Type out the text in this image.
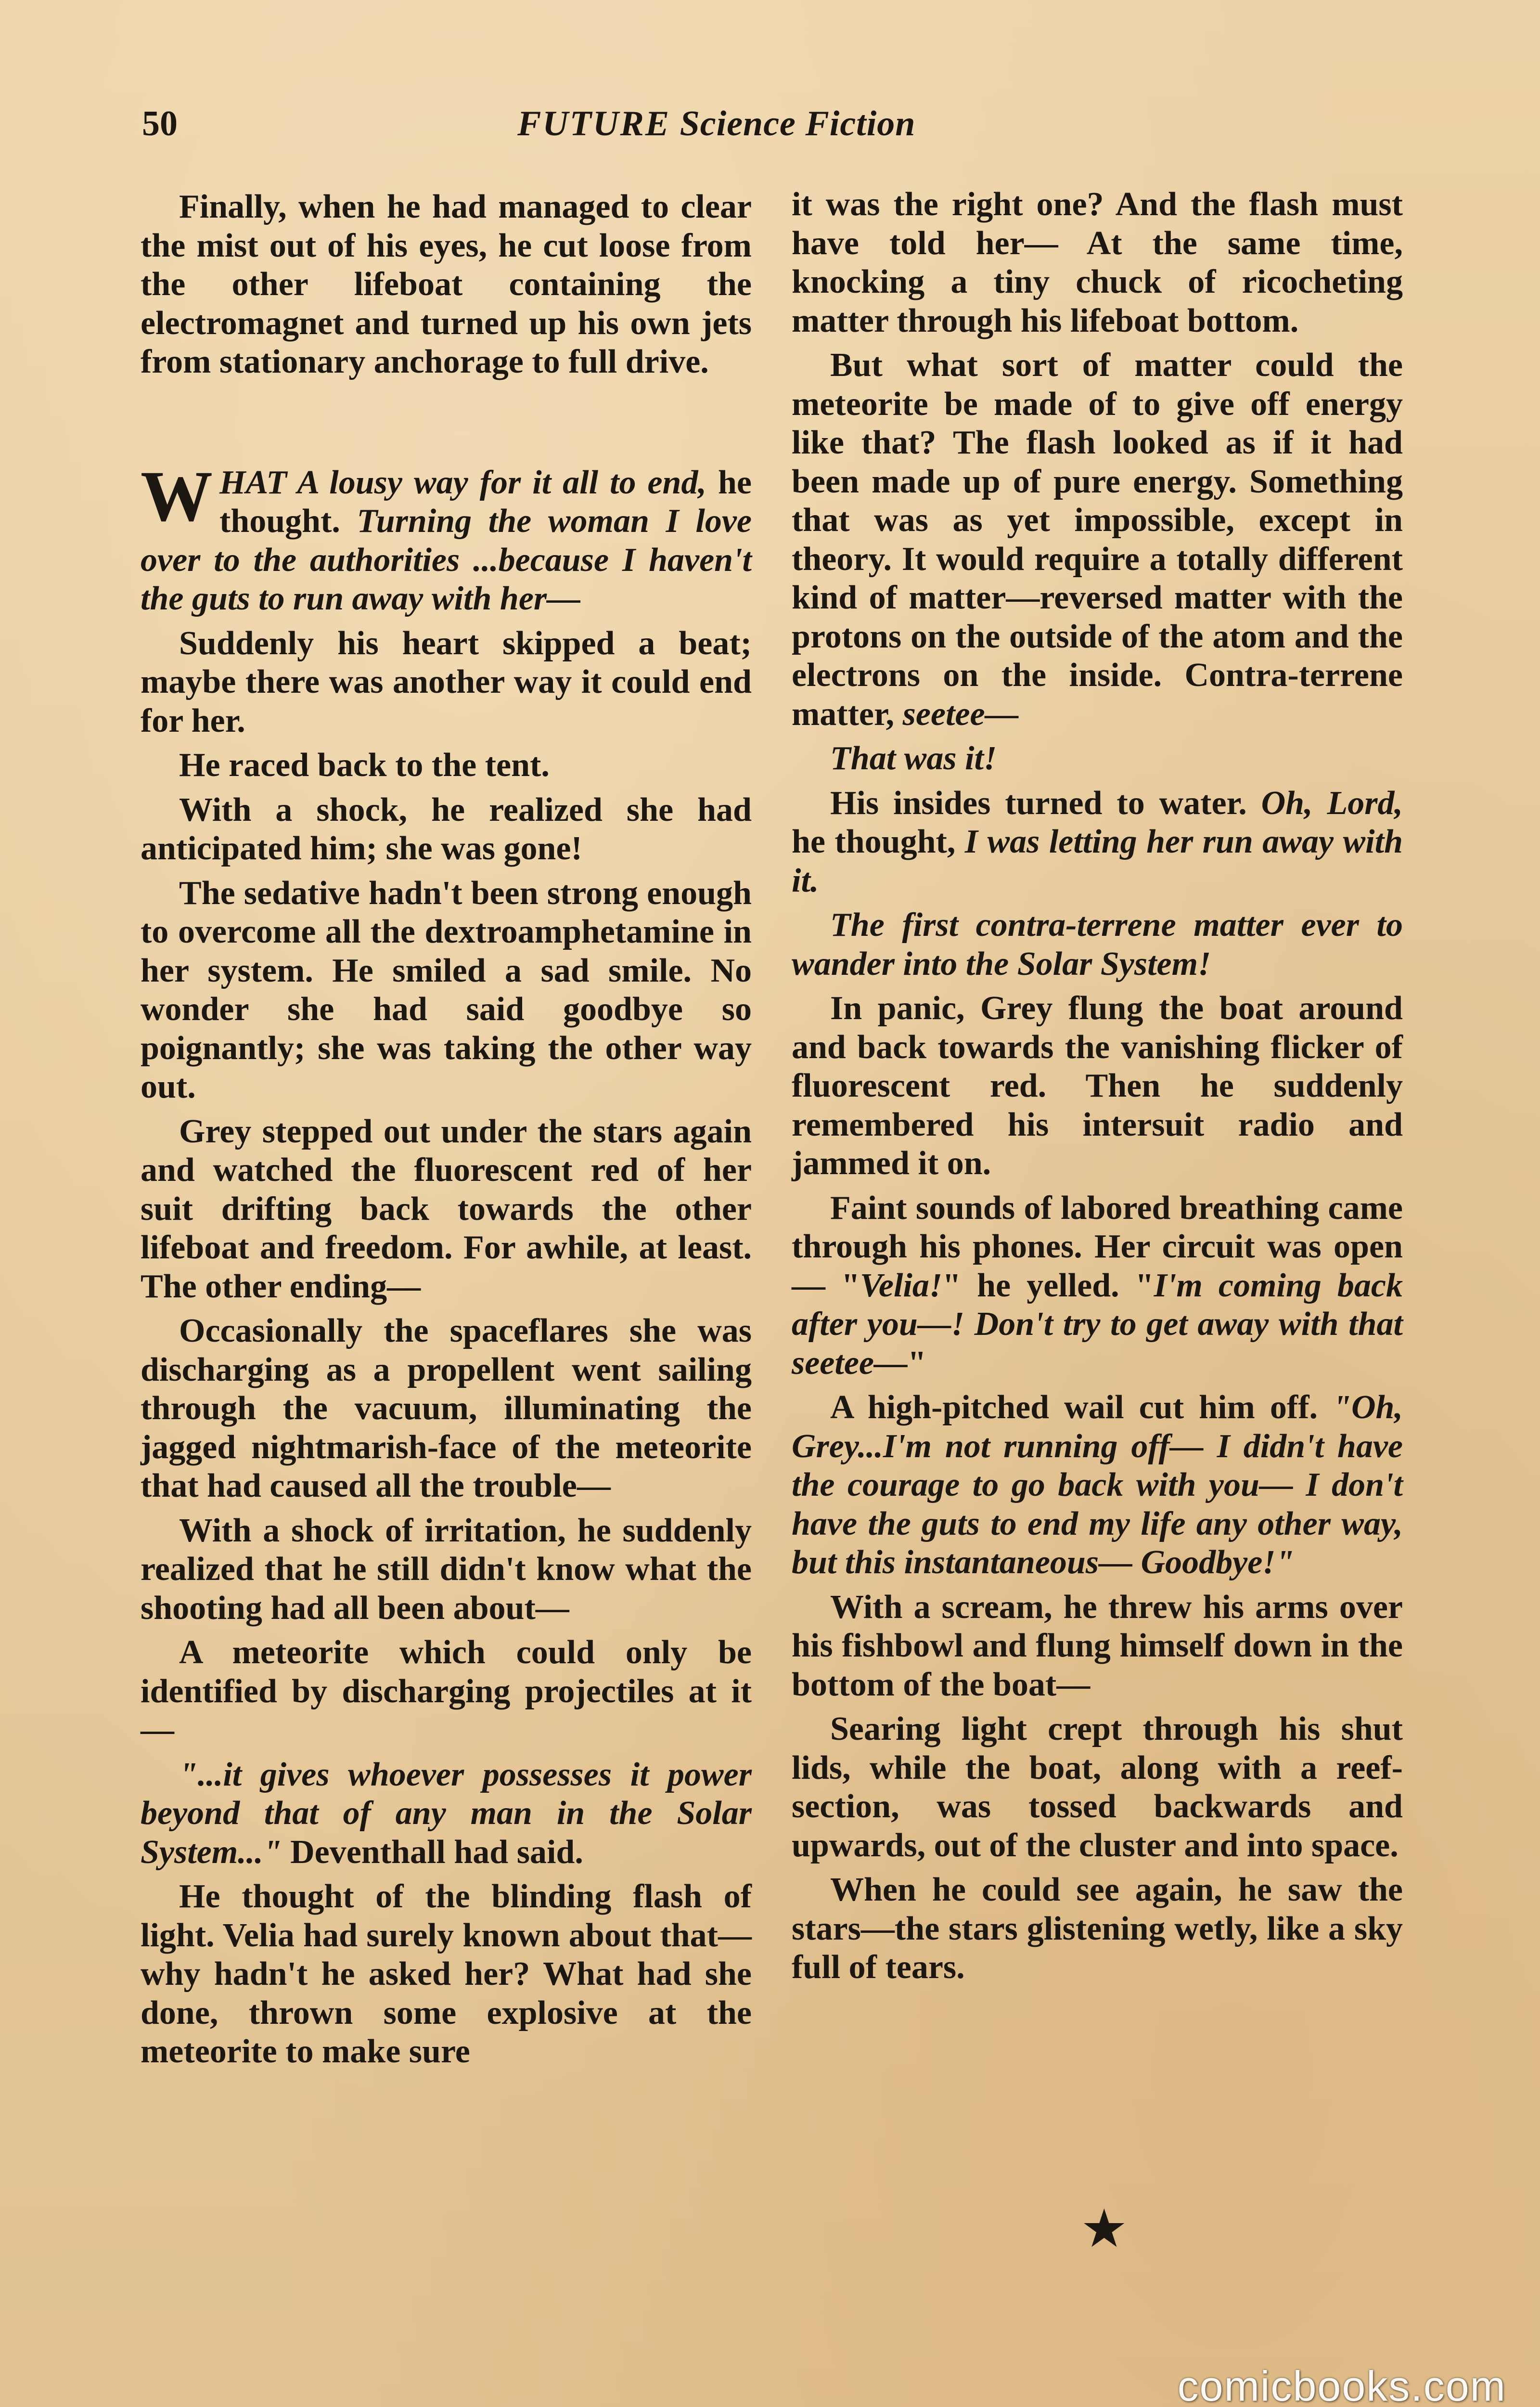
50	FUTURE Science Fiction

Finally, when he had managed to clear the mist out of his eyes, he cut loose from the other lifeboat containing the electromagnet and turned up his own jets from stationary anchorage to full drive.

WHAT A lousy way for it all to end, he thought. Turning the woman I love over to the authorities ...because I haven't the guts to run away with her—

Suddenly his heart skipped a beat; maybe there was another way it could end for her.

He raced back to the tent.

With a shock, he realized she had anticipated him; she was gone!

The sedative hadn't been strong enough to overcome all the dextroamphetamine in her system. He smiled a sad smile. No wonder she had said goodbye so poignantly; she was taking the other way out.

Grey stepped out under the stars again and watched the fluorescent red of her suit drifting back towards the other lifeboat and freedom. For awhile, at least. The other ending—

Occasionally the spaceflares she was discharging as a propellent went sailing through the vacuum, illuminating the jagged nightmarish-face of the meteorite that had caused all the trouble—

With a shock of irritation, he suddenly realized that he still didn't know what the shooting had all been about—

A meteorite which could only be identified by discharging projectiles at it—

"...it gives whoever possesses it power beyond that of any man in the Solar System..." Deventhall had said.

He thought of the blinding flash of light. Velia had surely known about that—why hadn't he asked her? What had she done, thrown some explosive at the meteorite to make sure

it was the right one? And the flash must have told her— At the same time, knocking a tiny chuck of ricocheting matter through his lifeboat bottom.

But what sort of matter could the meteorite be made of to give off energy like that? The flash looked as if it had been made up of pure energy. Something that was as yet impossible, except in theory. It would require a totally different kind of matter—reversed matter with the protons on the outside of the atom and the electrons on the inside. Contra-terrene matter, seetee—

That was it!

His insides turned to water. Oh, Lord, he thought, I was letting her run away with it.

The first contra-terrene matter ever to wander into the Solar System!

In panic, Grey flung the boat around and back towards the vanishing flicker of fluorescent red. Then he suddenly remembered his intersuit radio and jammed it on.

Faint sounds of labored breathing came through his phones. Her circuit was open— "Velia!" he yelled. "I'm coming back after you—! Don't try to get away with that seetee—"

A high-pitched wail cut him off. "Oh, Grey...I'm not running off— I didn't have the courage to go back with you— I don't have the guts to end my life any other way, but this instantaneous— Goodbye!"

With a scream, he threw his arms over his fishbowl and flung himself down in the bottom of the boat—

Searing light crept through his shut lids, while the boat, along with a reef-section, was tossed backwards and upwards, out of the cluster and into space.

When he could see again, he saw the stars—the stars glistening wetly, like a sky full of tears.

★
comicbooks.com
